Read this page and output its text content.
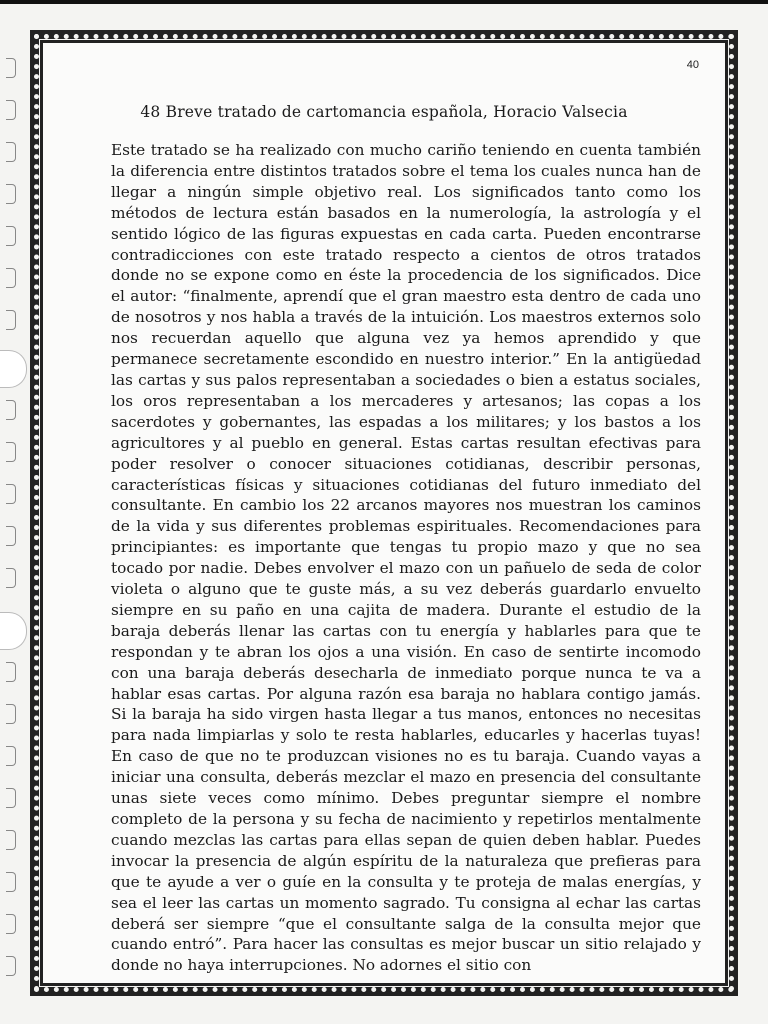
40
48 Breve tratado de cartomancia española, Horacio Valsecia

Este tratado se ha realizado con mucho cariño teniendo en cuenta también la diferencia entre distintos tratados sobre el tema los cuales nunca han de llegar a ningún simple objetivo real. Los significados tanto como los métodos de lectura están basados en la numerología, la astrología y el sentido lógico de las figuras expuestas en cada carta. Pueden encontrarse contradicciones con este tratado respecto a cientos de otros tratados donde no se expone como en éste la procedencia de los significados. Dice el autor: “finalmente, aprendí que el gran maestro esta dentro de cada uno de nosotros y nos habla a través de la intuición. Los maestros externos solo nos recuerdan aquello que alguna vez ya hemos aprendido y que permanece secretamente escondido en nuestro interior.” En la antigüedad las cartas y sus palos representaban a sociedades o bien a estatus sociales, los oros representaban a los mercaderes y artesanos; las copas a los sacerdotes y gobernantes, las espadas a los militares; y los bastos a los agricultores y al pueblo en general. Estas cartas resultan efectivas para poder resolver o conocer situaciones cotidianas, describir personas, características físicas y situaciones cotidianas del futuro inmediato del consultante. En cambio los 22 arcanos mayores nos muestran los caminos de la vida y sus diferentes problemas espirituales. Recomendaciones para principiantes: es importante que tengas tu propio mazo y que no sea tocado por nadie. Debes envolver el mazo con un pañuelo de seda de color violeta o alguno que te guste más, a su vez deberás guardarlo envuelto siempre en su paño en una cajita de madera. Durante el estudio de la baraja deberás llenar las cartas con tu energía y hablarles para que te respondan y te abran los ojos a una visión. En caso de sentirte incomodo con una baraja deberás desecharla de inmediato porque nunca te va a hablar esas cartas. Por alguna razón esa baraja no hablara contigo jamás. Si la baraja ha sido virgen hasta llegar a tus manos, entonces no necesitas para nada limpiarlas y solo te resta hablarles, educarles y hacerlas tuyas! En caso de que no te produzcan visiones no es tu baraja. Cuando vayas a iniciar una consulta, deberás mezclar el mazo en presencia del consultante unas siete veces como mínimo. Debes preguntar siempre el nombre completo de la persona y su fecha de nacimiento y repetirlos mentalmente cuando mezclas las cartas para ellas sepan de quien deben hablar. Puedes invocar la presencia de algún espíritu de la naturaleza que prefieras para que te ayude a ver o guíe en la consulta y te proteja de malas energías, y sea el leer las cartas un momento sagrado. Tu consigna al echar las cartas deberá ser siempre “que el consultante salga de la consulta mejor que cuando entró”. Para hacer las consultas es mejor buscar un sitio relajado y donde no haya interrupciones. No adornes el sitio con
